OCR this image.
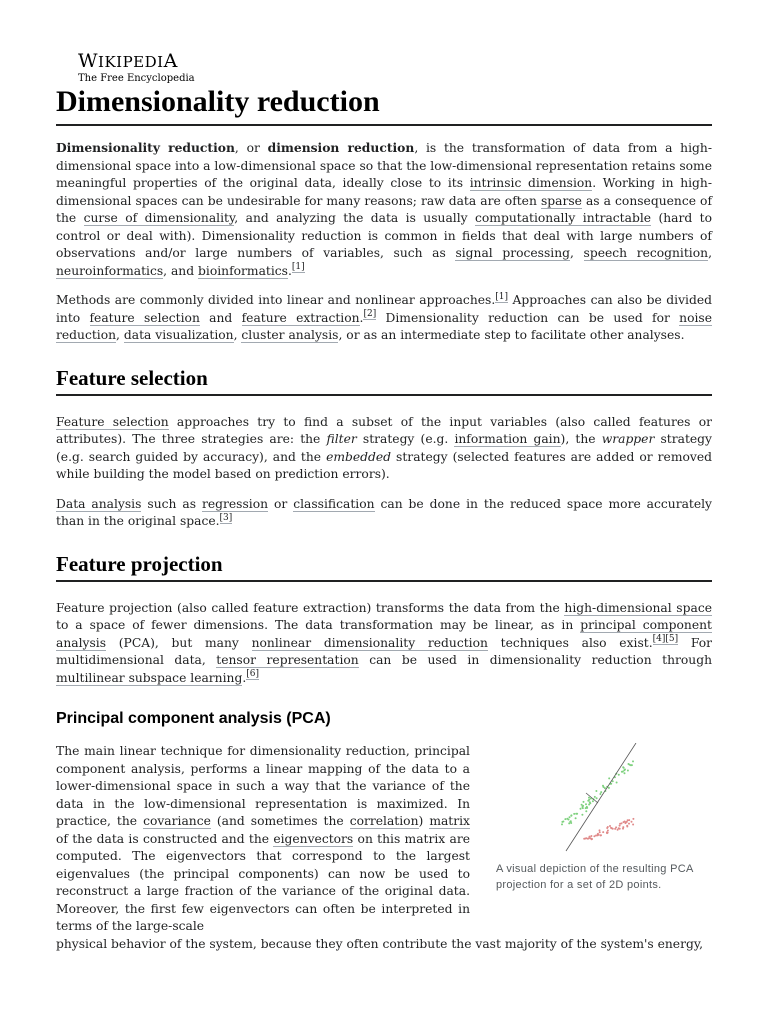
WIKIPEDIA
The Free Encyclopedia
Dimensionality reduction

Dimensionality reduction, or dimension reduction, is the transformation of data from a high-dimensional space into a low-dimensional space so that the low-dimensional representation retains some meaningful properties of the original data, ideally close to its intrinsic dimension. Working in high-dimensional spaces can be undesirable for many reasons; raw data are often sparse as a consequence of the curse of dimensionality, and analyzing the data is usually computationally intractable (hard to control or deal with). Dimensionality reduction is common in fields that deal with large numbers of observations and/or large numbers of variables, such as signal processing, speech recognition, neuroinformatics, and bioinformatics.[1]

Methods are commonly divided into linear and nonlinear approaches.[1] Approaches can also be divided into feature selection and feature extraction.[2] Dimensionality reduction can be used for noise reduction, data visualization, cluster analysis, or as an intermediate step to facilitate other analyses.

Feature selection

Feature selection approaches try to find a subset of the input variables (also called features or attributes). The three strategies are: the filter strategy (e.g. information gain), the wrapper strategy (e.g. search guided by accuracy), and the embedded strategy (selected features are added or removed while building the model based on prediction errors).

Data analysis such as regression or classification can be done in the reduced space more accurately than in the original space.[3]

Feature projection

Feature projection (also called feature extraction) transforms the data from the high-dimensional space to a space of fewer dimensions. The data transformation may be linear, as in principal component analysis (PCA), but many nonlinear dimensionality reduction techniques also exist.[4][5] For multidimensional data, tensor representation can be used in dimensionality reduction through multilinear subspace learning.[6]

Principal component analysis (PCA)
A visual depiction of the resulting PCA projection for a set of 2D points.

The main linear technique for dimensionality reduction, principal component analysis, performs a linear mapping of the data to a lower-dimensional space in such a way that the variance of the data in the low-dimensional representation is maximized. In practice, the covariance (and sometimes the correlation) matrix of the data is constructed and the eigenvectors on this matrix are computed. The eigenvectors that correspond to the largest eigenvalues (the principal components) can now be used to reconstruct a large fraction of the variance of the original data. Moreover, the first few eigenvectors can often be interpreted in terms of the large-scale

physical behavior of the system, because they often contribute the vast majority of the system's energy,
